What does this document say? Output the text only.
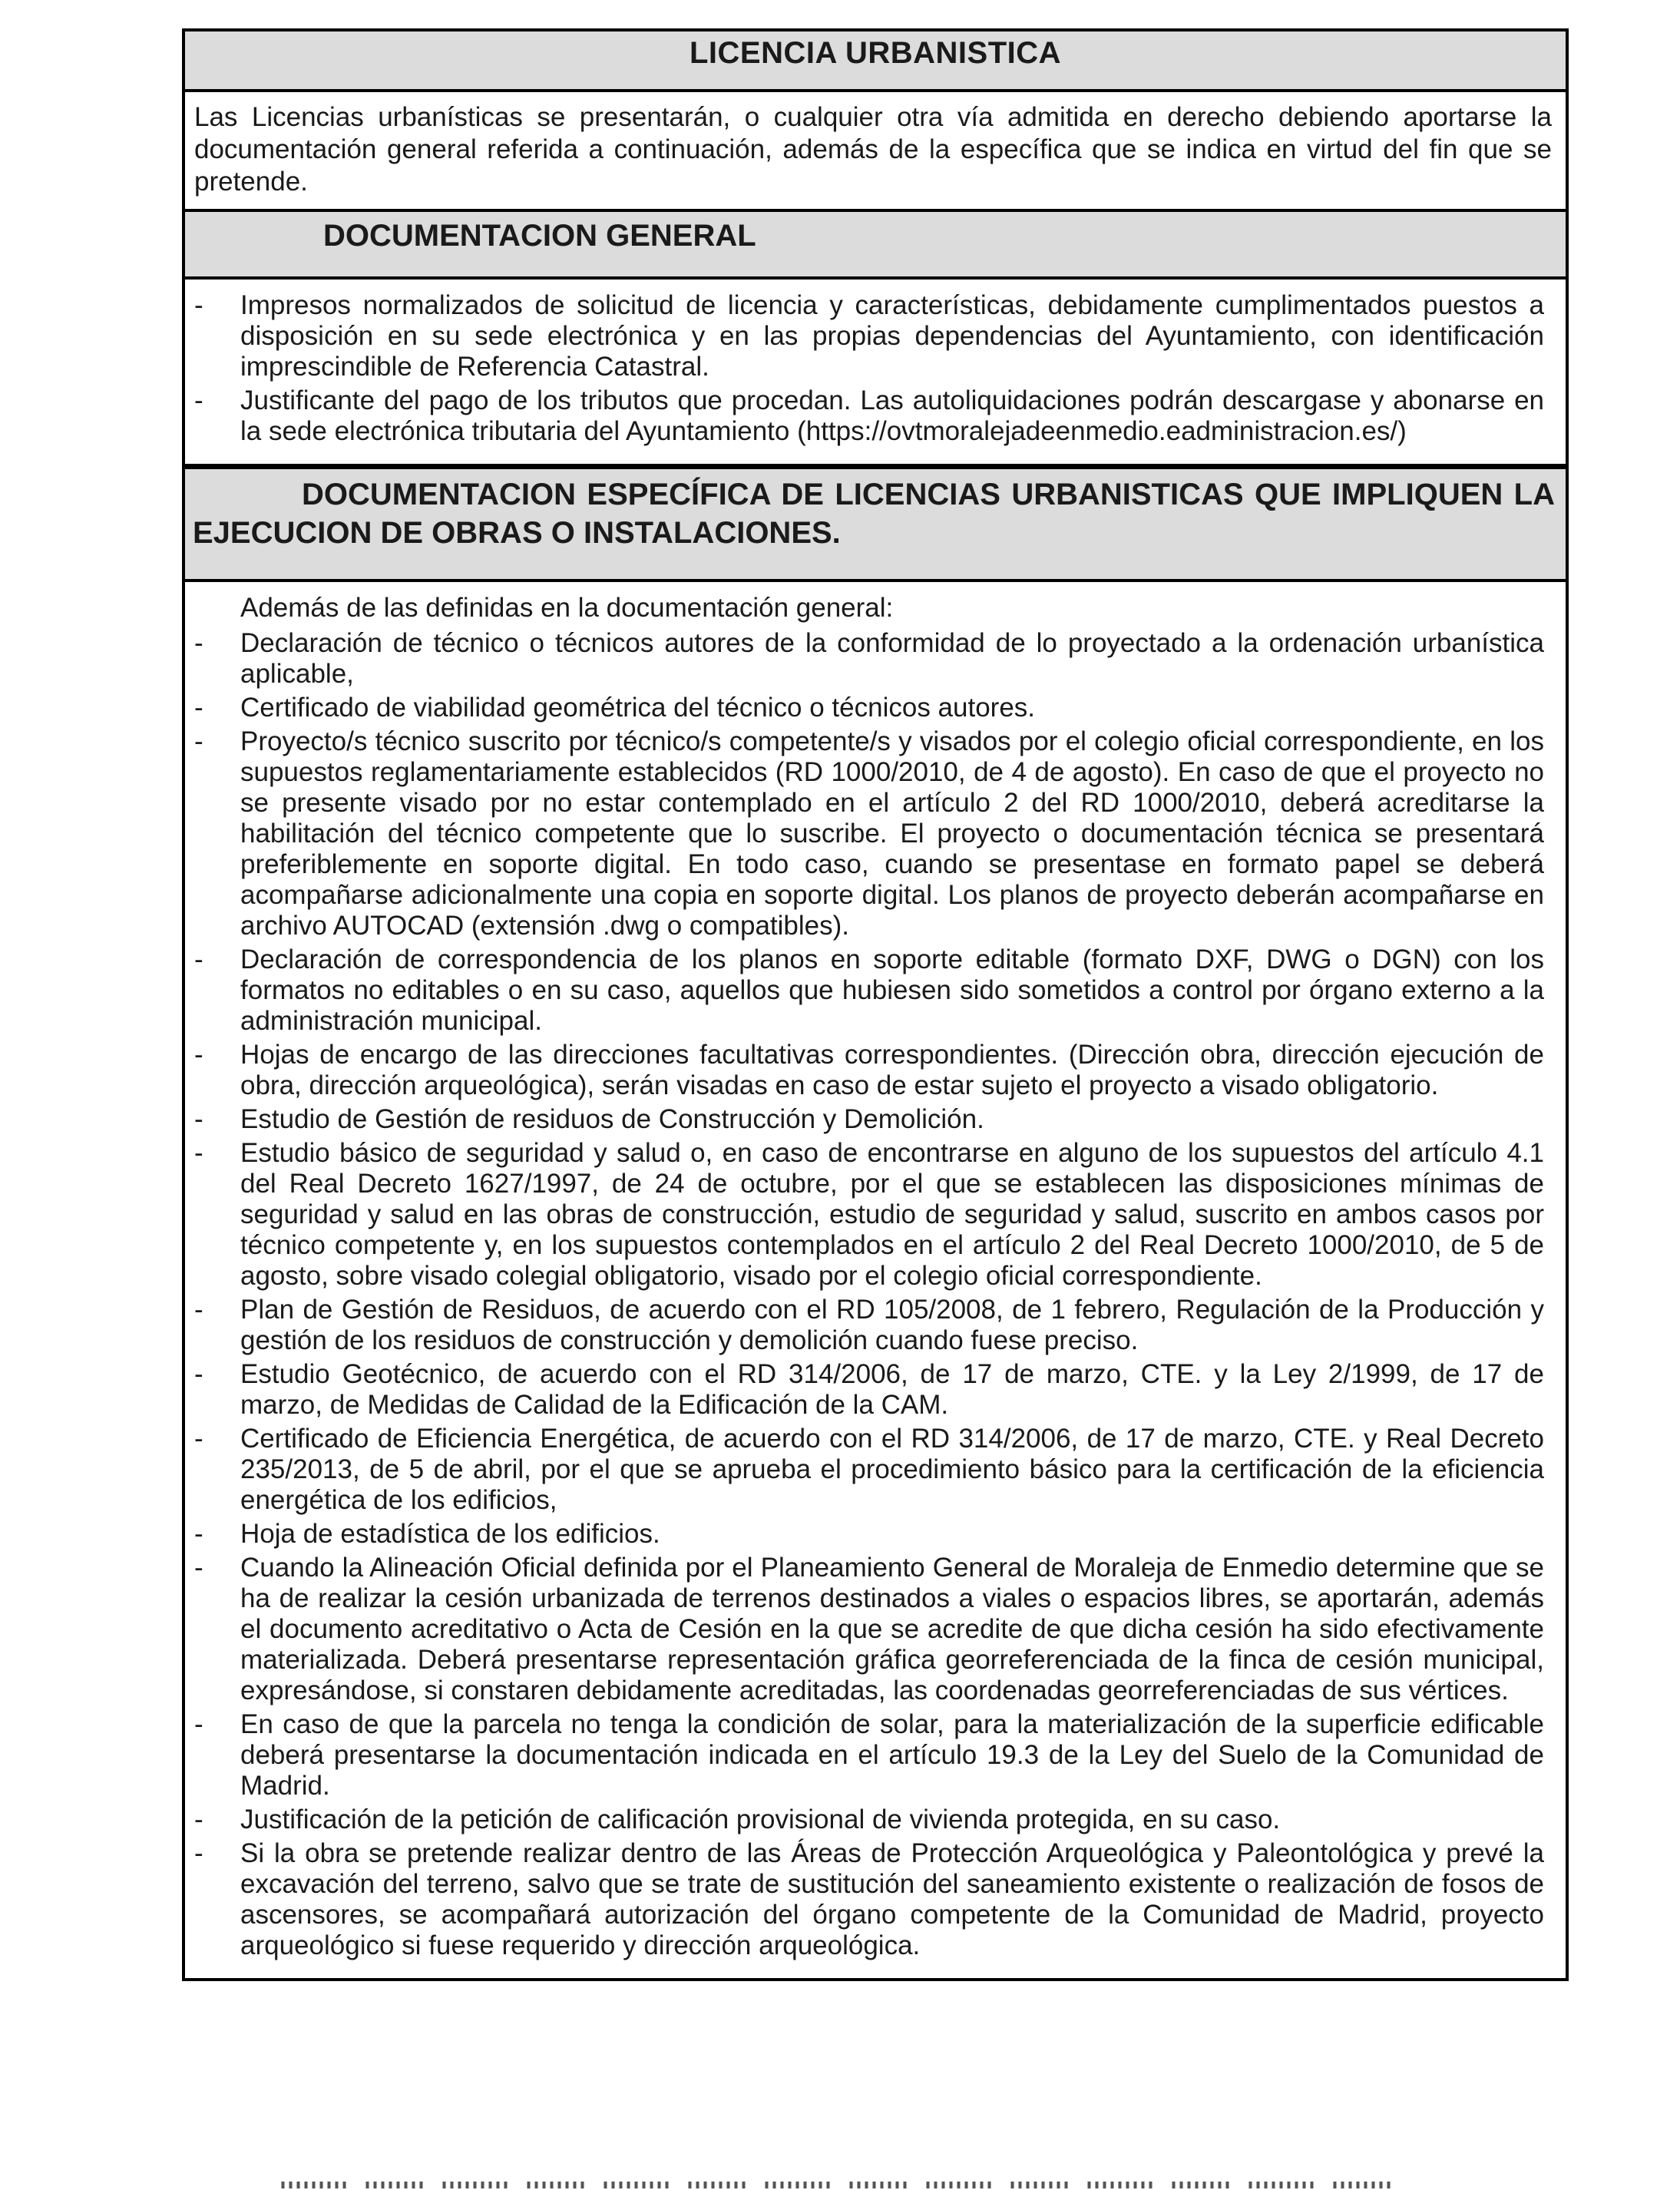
LICENCIA URBANISTICA

Las Licencias urbanísticas se presentarán, o cualquier otra vía admitida en derecho debiendo aportarse la documentación general referida a continuación, además de la específica que se indica en virtud del fin que se pretende.

DOCUMENTACION GENERAL

- Impresos normalizados de solicitud de licencia y características, debidamente cumplimentados puestos a disposición en su sede electrónica y en las propias dependencias del Ayuntamiento, con identificación imprescindible de Referencia Catastral.
- Justificante del pago de los tributos que procedan. Las autoliquidaciones podrán descargase y abonarse en la sede electrónica tributaria del Ayuntamiento (https://ovtmoralejadeenmedio.eadministracion.es/)

DOCUMENTACION ESPECÍFICA DE LICENCIAS URBANISTICAS QUE IMPLIQUEN LA EJECUCION DE OBRAS O INSTALACIONES.

Además de las definidas en la documentación general:

- Declaración de técnico o técnicos autores de la conformidad de lo proyectado a la ordenación urbanística aplicable,
- Certificado de viabilidad geométrica del técnico o técnicos autores.
- Proyecto/s técnico suscrito por técnico/s competente/s y visados por el colegio oficial correspondiente, en los supuestos reglamentariamente establecidos (RD 1000/2010, de 4 de agosto). En caso de que el proyecto no se presente visado por no estar contemplado en el artículo 2 del RD 1000/2010, deberá acreditarse la habilitación del técnico competente que lo suscribe. El proyecto o documentación técnica se presentará preferiblemente en soporte digital. En todo caso, cuando se presentase en formato papel se deberá acompañarse adicionalmente una copia en soporte digital. Los planos de proyecto deberán acompañarse en archivo AUTOCAD (extensión .dwg o compatibles).
- Declaración de correspondencia de los planos en soporte editable (formato DXF, DWG o DGN) con los formatos no editables o en su caso, aquellos que hubiesen sido sometidos a control por órgano externo a la administración municipal.
- Hojas de encargo de las direcciones facultativas correspondientes. (Dirección obra, dirección ejecución de obra, dirección arqueológica), serán visadas en caso de estar sujeto el proyecto a visado obligatorio.
- Estudio de Gestión de residuos de Construcción y Demolición.
- Estudio básico de seguridad y salud o, en caso de encontrarse en alguno de los supuestos del artículo 4.1 del Real Decreto 1627/1997, de 24 de octubre, por el que se establecen las disposiciones mínimas de seguridad y salud en las obras de construcción, estudio de seguridad y salud, suscrito en ambos casos por técnico competente y, en los supuestos contemplados en el artículo 2 del Real Decreto 1000/2010, de 5 de agosto, sobre visado colegial obligatorio, visado por el colegio oficial correspondiente.
- Plan de Gestión de Residuos, de acuerdo con el RD 105/2008, de 1 febrero, Regulación de la Producción y gestión de los residuos de construcción y demolición cuando fuese preciso.
- Estudio Geotécnico, de acuerdo con el RD 314/2006, de 17 de marzo, CTE. y la Ley 2/1999, de 17 de marzo, de Medidas de Calidad de la Edificación de la CAM.
- Certificado de Eficiencia Energética, de acuerdo con el RD 314/2006, de 17 de marzo, CTE. y Real Decreto 235/2013, de 5 de abril, por el que se aprueba el procedimiento básico para la certificación de la eficiencia energética de los edificios,
- Hoja de estadística de los edificios.
- Cuando la Alineación Oficial definida por el Planeamiento General de Moraleja de Enmedio determine que se ha de realizar la cesión urbanizada de terrenos destinados a viales o espacios libres, se aportarán, además el documento acreditativo o Acta de Cesión en la que se acredite de que dicha cesión ha sido efectivamente materializada. Deberá presentarse representación gráfica georreferenciada de la finca de cesión municipal, expresándose, si constaren debidamente acreditadas, las coordenadas georreferenciadas de sus vértices.
- En caso de que la parcela no tenga la condición de solar, para la materialización de la superficie edificable deberá presentarse la documentación indicada en el artículo 19.3 de la Ley del Suelo de la Comunidad de Madrid.
- Justificación de la petición de calificación provisional de vivienda protegida, en su caso.
- Si la obra se pretende realizar dentro de las Áreas de Protección Arqueológica y Paleontológica y prevé la excavación del terreno, salvo que se trate de sustitución del saneamiento existente o realización de fosos de ascensores, se acompañará autorización del órgano competente de la Comunidad de Madrid, proyecto arqueológico si fuese requerido y dirección arqueológica.
